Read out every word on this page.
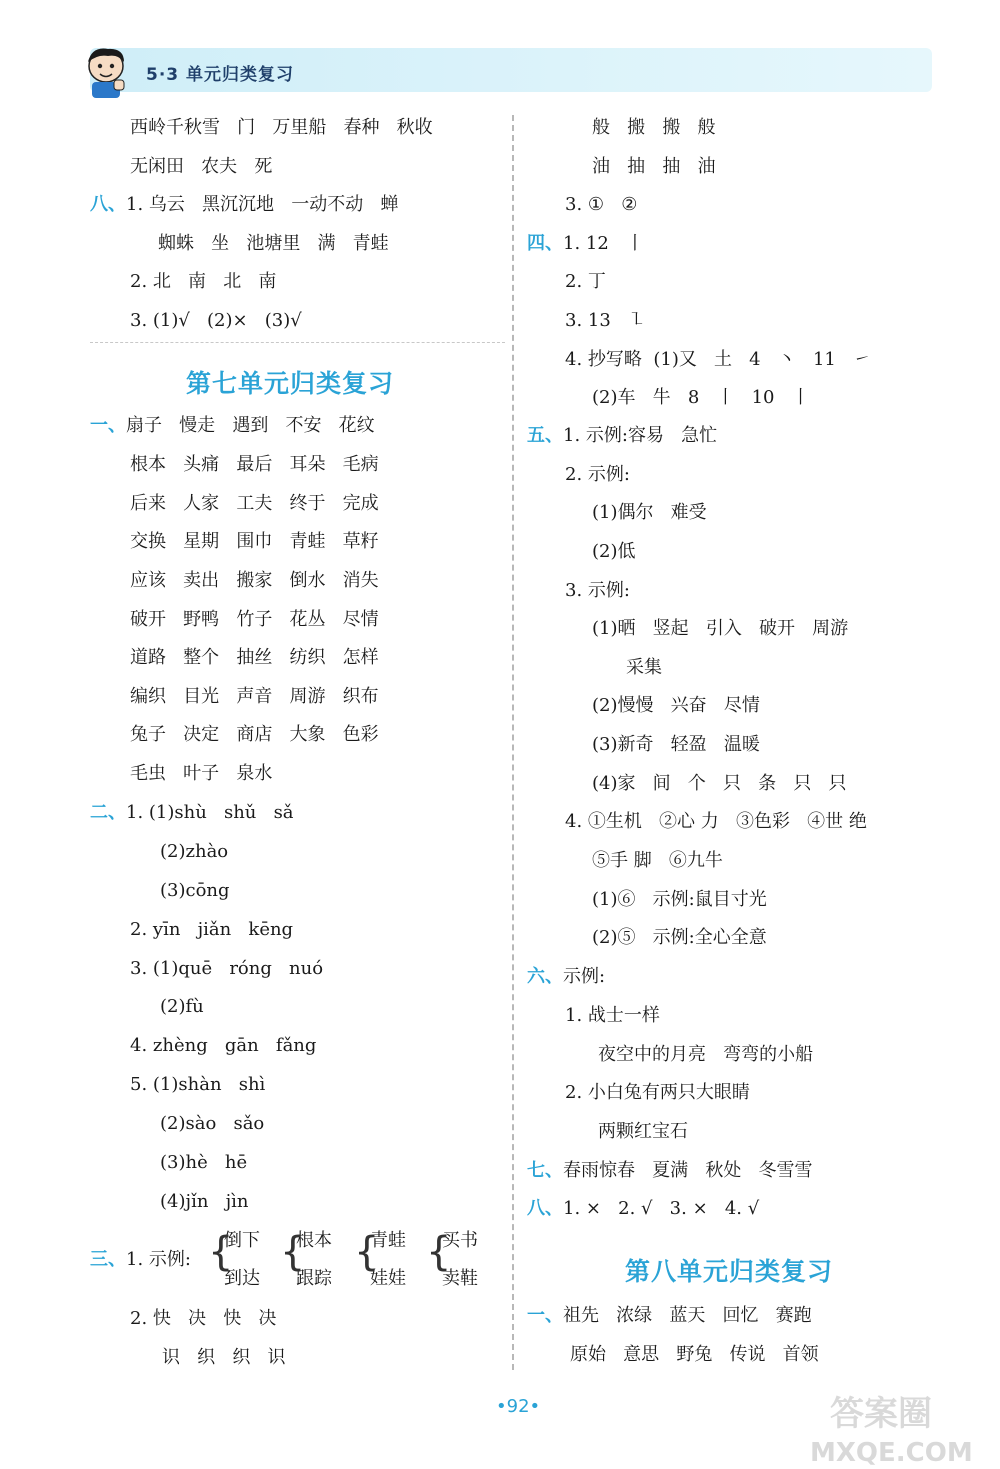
5·3 单元归类复习
西岭千秋雪   门   万里船   春种   秋收
无闲田   农夫   死
八、1. 乌云   黑沉沉地   一动不动   蝉
蜘蛛   坐   池塘里   满   青蛙
2. 北   南   北   南
3. (1)√   (2)×   (3)√
一、扇子   慢走   遇到   不安   花纹
根本   头痛   最后   耳朵   毛病
后来   人家   工夫   终于   完成
交换   星期   围巾   青蛙   草籽
应该   卖出   搬家   倒水   消失
破开   野鸭   竹子   花丛   尽情
道路   整个   抽丝   纺织   怎样
编织   目光   声音   周游   织布
兔子   决定   商店   大象   色彩
毛虫   叶子   泉水
二、1. (1)shù   shǔ   sǎ
(2)zhào
(3)cōng
2. yīn   jiǎn   kēng
3. (1)quē   róng   nuó
(2)fù
4. zhèng   gān   fǎng
5. (1)shàn   shì
(2)sào   sǎo
(3)hè   hē
(4)jǐn   jìn
三、1. 示例:
倒下
到达
根本
跟踪
青蛙
娃娃
买书
卖鞋
2. 快   决   快   决
识   织   织   识
般   搬   搬   般
油   抽   抽   油
3. ①   ②
四、1. 12   丨
2. 丁
3. 13   ㇅
4. 抄写略  (1)又   土   4   丶   11   ㇀
(2)车   牛   8   丨   10   丨
五、1. 示例:容易   急忙
2. 示例:
(1)偶尔   难受
(2)低
3. 示例:
(1)晒   竖起   引入   破开   周游
采集
(2)慢慢   兴奋   尽情
(3)新奇   轻盈   温暖
(4)家   间   个   只   条   只   只
4. ①生机   ②心 力   ③色彩   ④世 绝
⑤手 脚   ⑥九牛
(1)⑥   示例:鼠目寸光
(2)⑤   示例:全心全意
六、示例:
1. 战士一样
夜空中的月亮   弯弯的小船
2. 小白兔有两只大眼睛
两颗红宝石
七、春雨惊春   夏满   秋处   冬雪雪
八、1. ×   2. √   3. ×   4. √
一、祖先   浓绿   蓝天   回忆   赛跑
原始   意思   野兔   传说   首领
第七单元归类复习
第八单元归类复习
{ { { {
•92•	答案圈
MXQE.COM
